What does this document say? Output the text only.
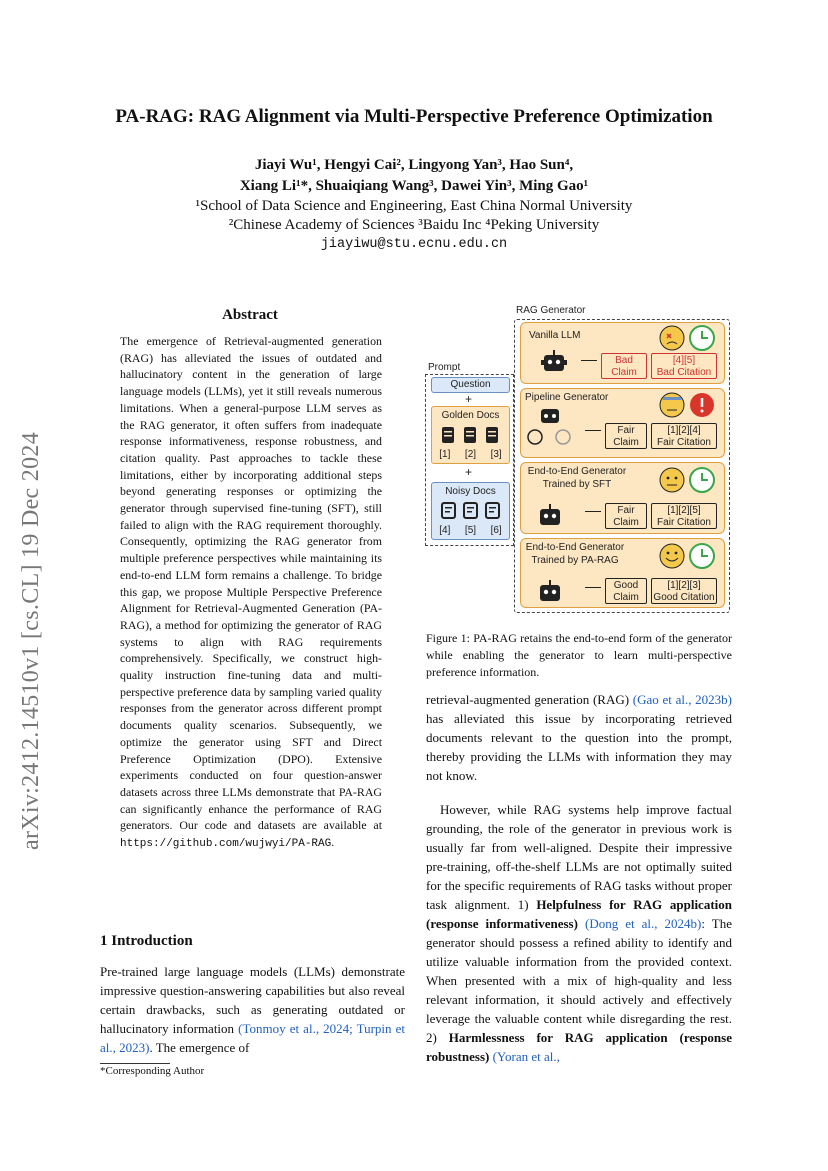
PA-RAG: RAG Alignment via Multi-Perspective Preference Optimization
Jiayi Wu¹, Hengyi Cai², Lingyong Yan³, Hao Sun⁴,
Xiang Li¹*, Shuaiqiang Wang³, Dawei Yin³, Ming Gao¹
¹School of Data Science and Engineering, East China Normal University
²Chinese Academy of Sciences ³Baidu Inc ⁴Peking University
jiayiwu@stu.ecnu.edu.cn
arXiv:2412.14510v1 [cs.CL] 19 Dec 2024
Abstract
The emergence of Retrieval-augmented generation (RAG) has alleviated the issues of outdated and hallucinatory content in the generation of large language models (LLMs), yet it still reveals numerous limitations. When a general-purpose LLM serves as the RAG generator, it often suffers from inadequate response informativeness, response robustness, and citation quality. Past approaches to tackle these limitations, either by incorporating additional steps beyond generating responses or optimizing the generator through supervised fine-tuning (SFT), still failed to align with the RAG requirement thoroughly. Consequently, optimizing the RAG generator from multiple preference perspectives while maintaining its end-to-end LLM form remains a challenge. To bridge this gap, we propose Multiple Perspective Preference Alignment for Retrieval-Augmented Generation (PA-RAG), a method for optimizing the generator of RAG systems to align with RAG requirements comprehensively. Specifically, we construct high-quality instruction fine-tuning data and multi-perspective preference data by sampling varied quality responses from the generator across different prompt documents quality scenarios. Subsequently, we optimize the generator using SFT and Direct Preference Optimization (DPO). Extensive experiments conducted on four question-answer datasets across three LLMs demonstrate that PA-RAG can significantly enhance the performance of RAG generators. Our code and datasets are available at https://github.com/wujwyi/PA-RAG.
1 Introduction
Pre-trained large language models (LLMs) demonstrate impressive question-answering capabilities but also reveal certain drawbacks, such as generating outdated or hallucinatory information (Tonmoy et al., 2024; Turpin et al., 2023). The emergence of
*Corresponding Author
RAG Generator
Prompt
Question
+
Golden Docs
[1] [2] [3]
+
Noisy Docs
[4] [5] [6]
Vanilla LLM
Bad Claim
[4][5]
Bad Citation
Pipeline Generator
Fair Claim
[1][2][4]
Fair Citation
End-to-End Generator Trained by SFT
Fair Claim
[1][2][5]
Fair Citation
End-to-End Generator Trained by PA-RAG
Good Claim
[1][2][3]
Good Citation
Figure 1: PA-RAG retains the end-to-end form of the generator while enabling the generator to learn multi-perspective preference information.
retrieval-augmented generation (RAG) (Gao et al., 2023b) has alleviated this issue by incorporating retrieved documents relevant to the question into the prompt, thereby providing the LLMs with information they may not know.
However, while RAG systems help improve factual grounding, the role of the generator in previous work is usually far from well-aligned. Despite their impressive pre-training, off-the-shelf LLMs are not optimally suited for the specific requirements of RAG tasks without proper task alignment. 1) Helpfulness for RAG application (response informativeness) (Dong et al., 2024b): The generator should possess a refined ability to identify and utilize valuable information from the provided context. When presented with a mix of high-quality and less relevant information, it should actively and effectively leverage the valuable content while disregarding the rest. 2) Harmlessness for RAG application (response robustness) (Yoran et al.,
